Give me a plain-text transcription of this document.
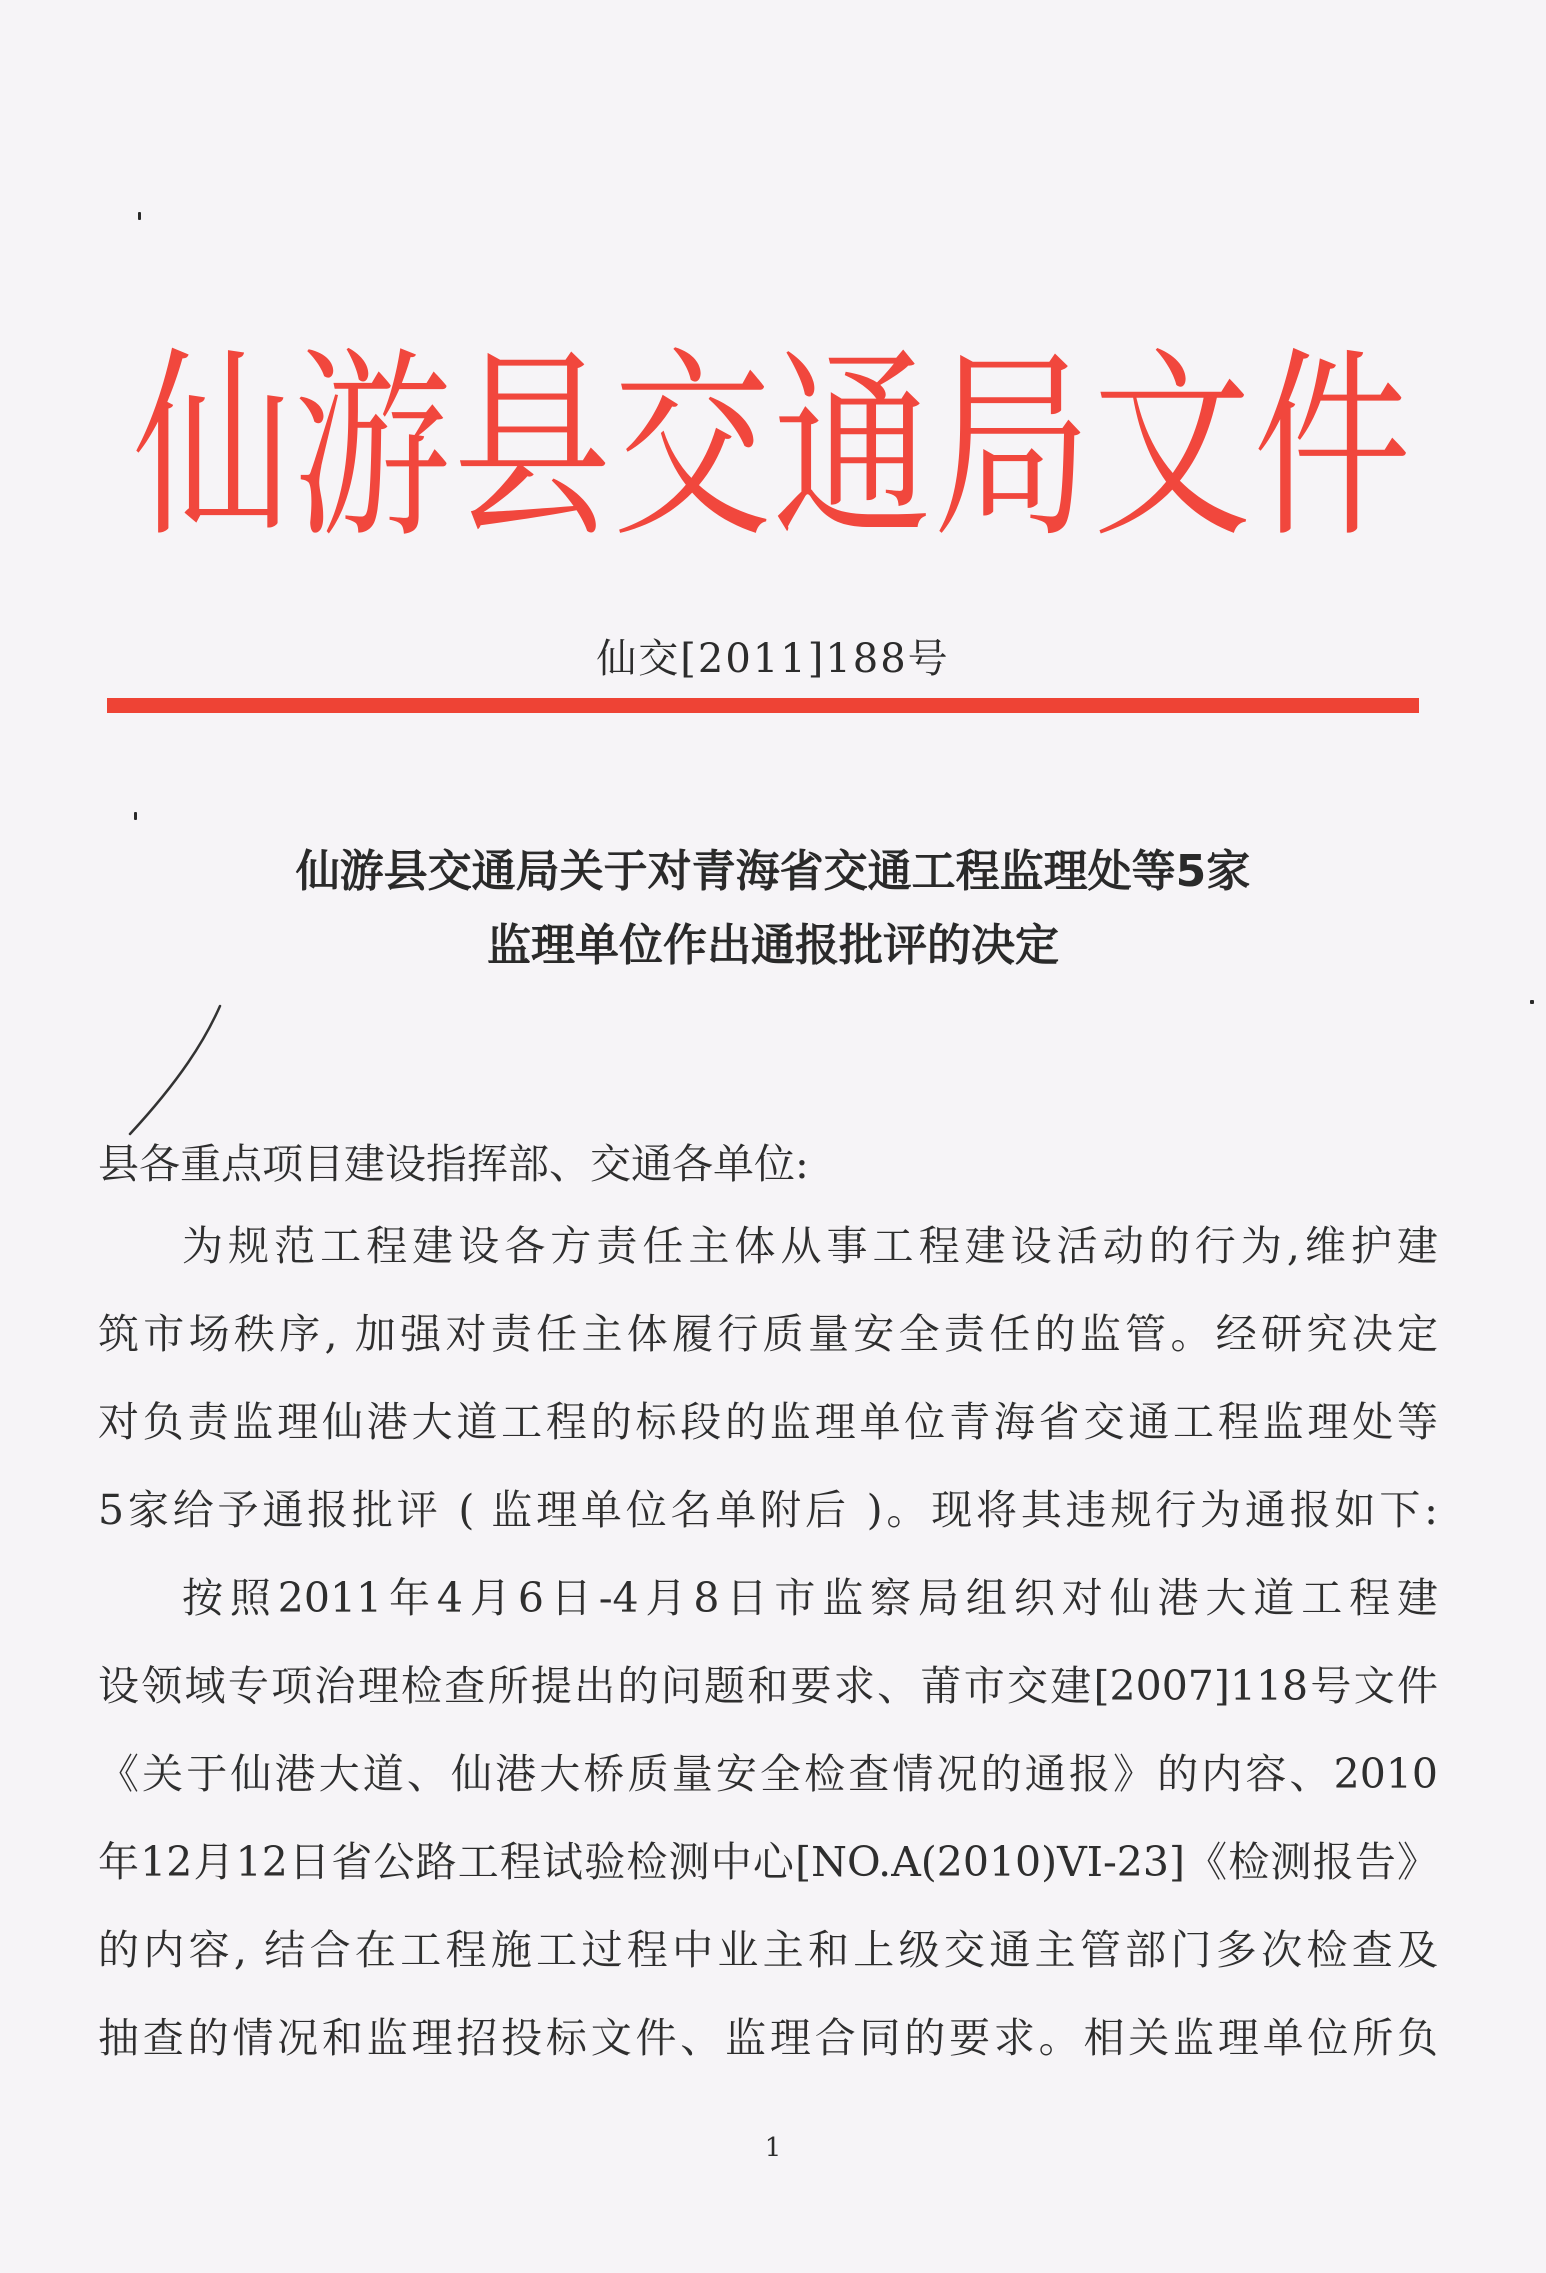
仙游县交通局文件
仙交[2011]188号
仙游县交通局关于对青海省交通工程监理处等5家
监理单位作出通报批评的决定
县各重点项目建设指挥部、交通各单位:
为规范工程建设各方责任主体从事工程建设活动的行为,维护建
筑市场秩序, 加强对责任主体履行质量安全责任的监管。经研究决定
对负责监理仙港大道工程的标段的监理单位青海省交通工程监理处等
5家给予通报批评 ( 监理单位名单附后 )。现将其违规行为通报如下:
按照2011年4月6日-4月8日市监察局组织对仙港大道工程建
设领域专项治理检查所提出的问题和要求、莆市交建[2007]118号文件
《关于仙港大道、仙港大桥质量安全检查情况的通报》的内容、2010
年12月12日省公路工程试验检测中心[NO.A(2010)VI-23]《检测报告》
的内容, 结合在工程施工过程中业主和上级交通主管部门多次检查及
抽查的情况和监理招投标文件、监理合同的要求。相关监理单位所负
1
